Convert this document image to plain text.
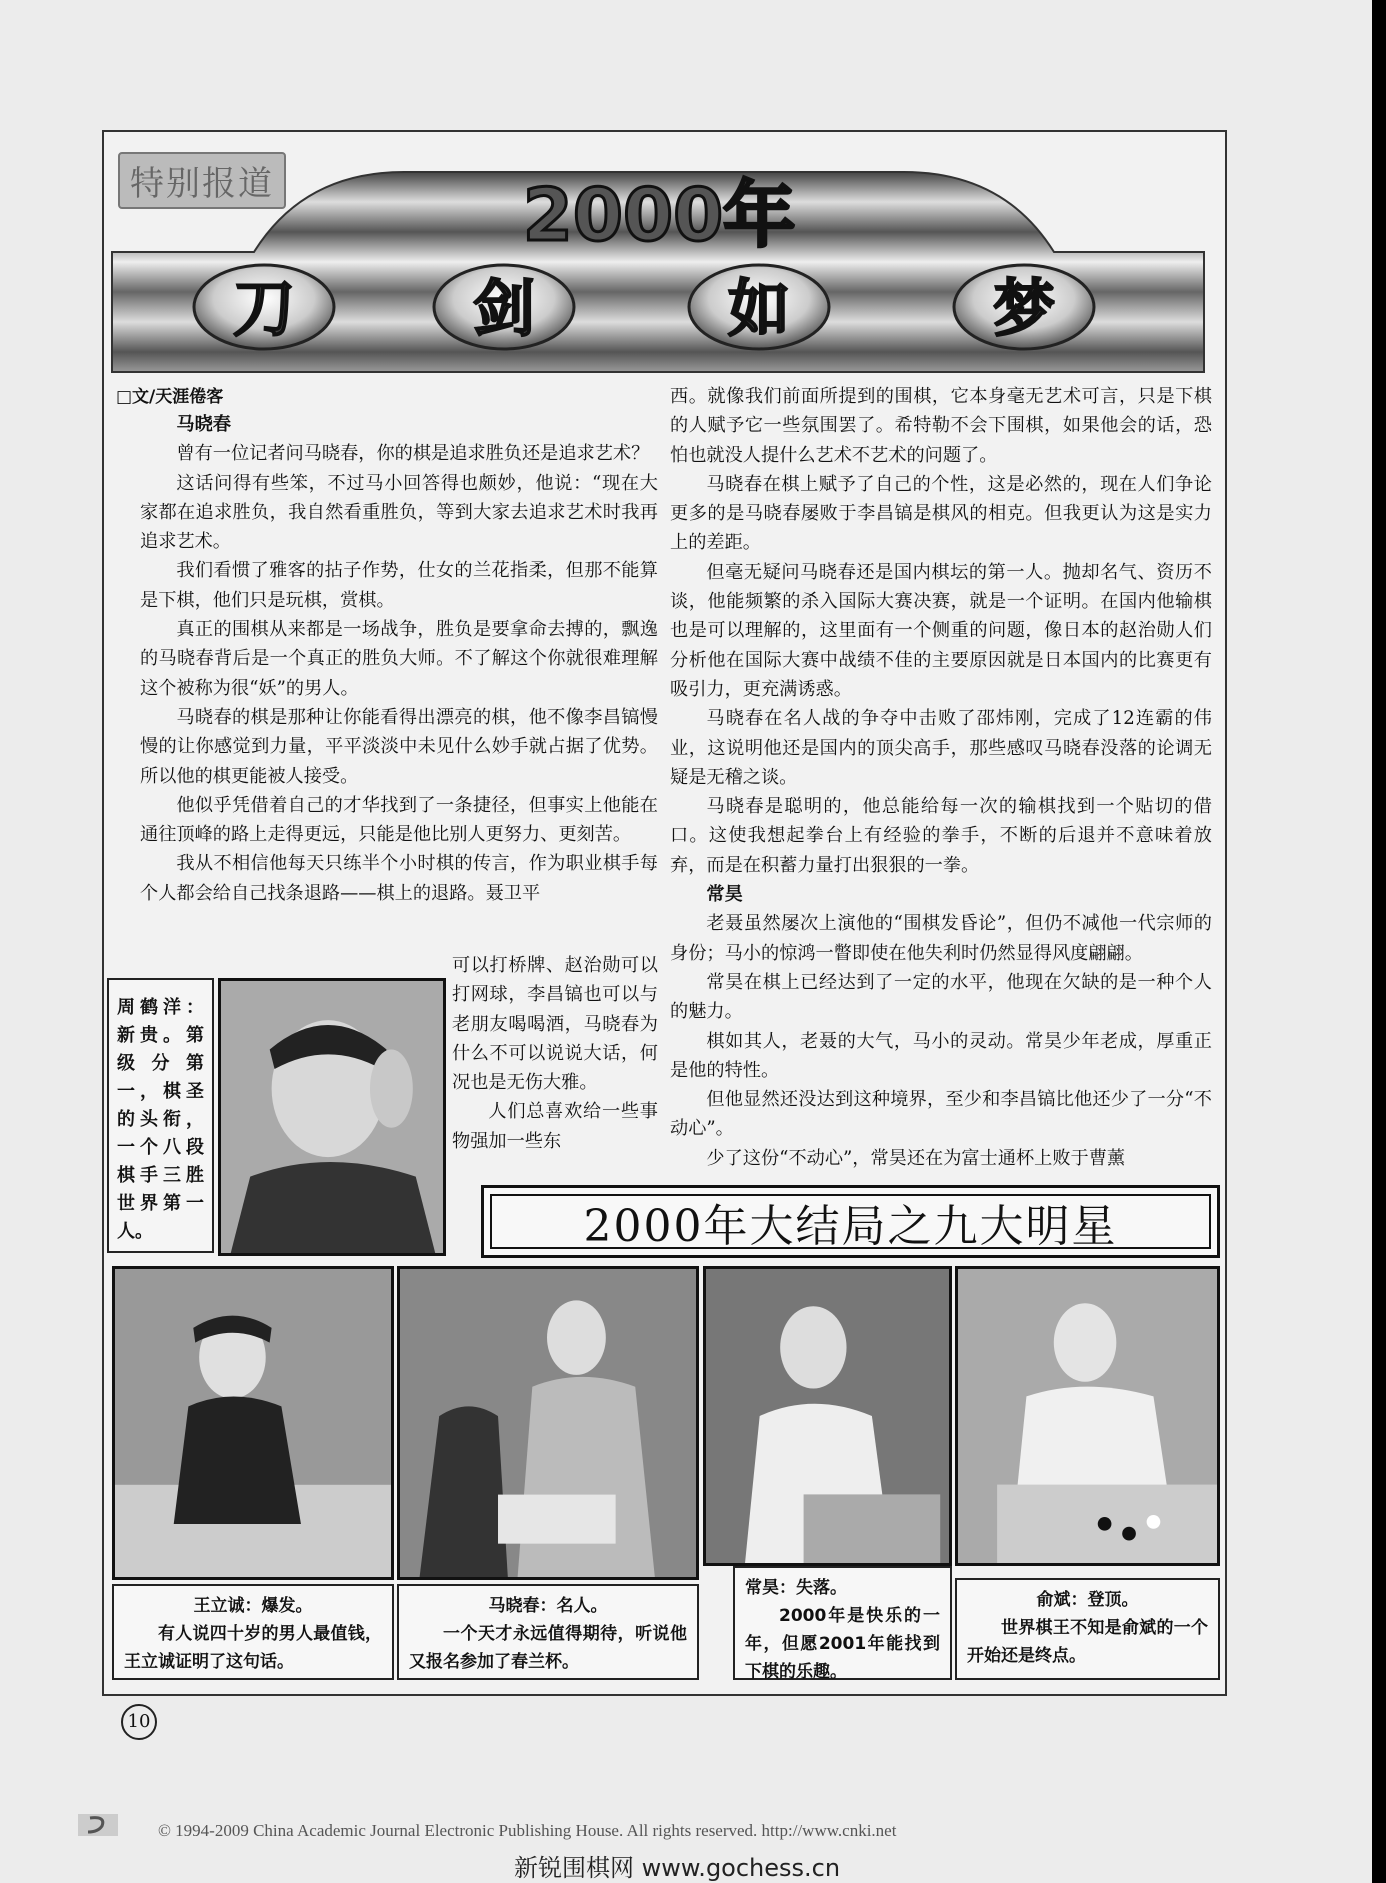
2000年
刀	剑	如	梦
特别报道
□文/天涯倦客

马晓春

曾有一位记者问马晓春，你的棋是追求胜负还是追求艺术？

这话问得有些笨，不过马小回答得也颇妙，他说：“现在大家都在追求胜负，我自然看重胜负，等到大家去追求艺术时我再追求艺术。

我们看惯了雅客的拈子作势，仕女的兰花指柔，但那不能算是下棋，他们只是玩棋，赏棋。

真正的围棋从来都是一场战争，胜负是要拿命去搏的，飘逸的马晓春背后是一个真正的胜负大师。不了解这个你就很难理解这个被称为很“妖”的男人。

马晓春的棋是那种让你能看得出漂亮的棋，他不像李昌镐慢慢的让你感觉到力量，平平淡淡中未见什么妙手就占据了优势。所以他的棋更能被人接受。

他似乎凭借着自己的才华找到了一条捷径，但事实上他能在通往顶峰的路上走得更远，只能是他比别人更努力、更刻苦。

我从不相信他每天只练半个小时棋的传言，作为职业棋手每个人都会给自己找条退路——棋上的退路。聂卫平

可以打桥牌、赵治勋可以打网球，李昌镐也可以与老朋友喝喝酒，马晓春为什么不可以说说大话，何况也是无伤大雅。

人们总喜欢给一些事物强加一些东

西。就像我们前面所提到的围棋，它本身毫无艺术可言，只是下棋的人赋予它一些氛围罢了。希特勒不会下围棋，如果他会的话，恐怕也就没人提什么艺术不艺术的问题了。

马晓春在棋上赋予了自己的个性，这是必然的，现在人们争论更多的是马晓春屡败于李昌镐是棋风的相克。但我更认为这是实力上的差距。

但毫无疑问马晓春还是国内棋坛的第一人。抛却名气、资历不谈，他能频繁的杀入国际大赛决赛，就是一个证明。在国内他输棋也是可以理解的，这里面有一个侧重的问题，像日本的赵治勋人们分析他在国际大赛中战绩不佳的主要原因就是日本国内的比赛更有吸引力，更充满诱惑。

马晓春在名人战的争夺中击败了邵炜刚，完成了12连霸的伟业，这说明他还是国内的顶尖高手，那些感叹马晓春没落的论调无疑是无稽之谈。

马晓春是聪明的，他总能给每一次的输棋找到一个贴切的借口。这使我想起拳台上有经验的拳手，不断的后退并不意味着放弃，而是在积蓄力量打出狠狠的一拳。

常昊

老聂虽然屡次上演他的“围棋发昏论”，但仍不减他一代宗师的身份；马小的惊鸿一瞥即使在他失利时仍然显得风度翩翩。

常昊在棋上已经达到了一定的水平，他现在欠缺的是一种个人的魅力。

棋如其人，老聂的大气，马小的灵动。常昊少年老成，厚重正是他的特性。

但他显然还没达到这种境界，至少和李昌镐比他还少了一分“不动心”。

少了这份“不动心”，常昊还在为富士通杯上败于曹薰

周鹤洋：新贵。第级分第一，棋圣的头衔，一个八段棋手三胜世界第一人。	2000年大结局之九大明星
王立诚：爆发。

有人说四十岁的男人最值钱，王立诚证明了这句话。

马晓春：名人。

一个天才永远值得期待，听说他又报名参加了春兰杯。

常昊：失落。

2000年是快乐的一年，但愿2001年能找到下棋的乐趣。

俞斌：登顶。

世界棋王不知是俞斌的一个开始还是终点。

10
© 1994-2009 China Academic Journal Electronic Publishing House. All rights reserved. http://www.cnki.net
新锐围棋网 www.gochess.cn
